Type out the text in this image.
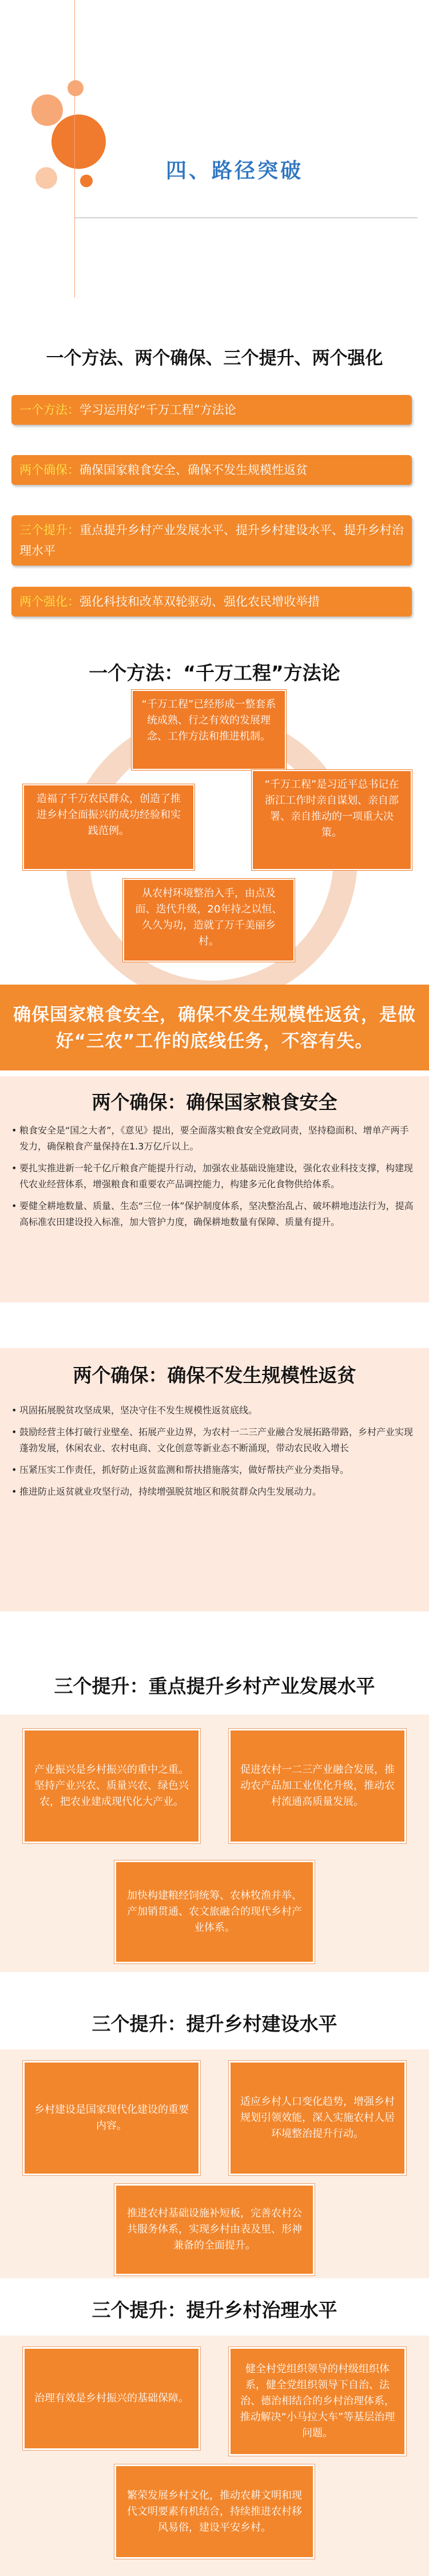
四、路径突破
一个方法、两个确保、三个提升、两个强化
一个方法：学习运用好“千万工程”方法论
两个确保：确保国家粮食安全、确保不发生规模性返贫
三个提升：重点提升乡村产业发展水平、提升乡村建设水平、提升乡村治理水平
两个强化：强化科技和改革双轮驱动、强化农民增收举措
一个方法：“千万工程”方法论
“千万工程”已经形成一整套系统成熟、行之有效的发展理念、工作方法和推进机制。
“千万工程”是习近平总书记在浙江工作时亲自谋划、亲自部署、亲自推动的一项重大决策。
从农村环境整治入手，由点及面、迭代升级，20年持之以恒、久久为功，造就了万千美丽乡村。
造福了千万农民群众，创造了推进乡村全面振兴的成功经验和实践范例。
确保国家粮食安全，确保不发生规模性返贫，是做好“三农”工作的底线任务，不容有失。
两个确保：确保国家粮食安全
• 粮食安全是“国之大者”，《意见》提出，要全面落实粮食安全党政同责，坚持稳面积、增单产两手发力，确保粮食产量保持在1.3万亿斤以上。
• 要扎实推进新一轮千亿斤粮食产能提升行动，加强农业基础设施建设，强化农业科技支撑，构建现代农业经营体系，增强粮食和重要农产品调控能力，构建多元化食物供给体系。
• 要健全耕地数量、质量、生态“三位一体”保护制度体系，坚决整治乱占、破坏耕地违法行为，提高高标准农田建设投入标准，加大管护力度，确保耕地数量有保障、质量有提升。
两个确保：确保不发生规模性返贫
• 巩固拓展脱贫攻坚成果，坚决守住不发生规模性返贫底线。
• 鼓励经营主体打破行业壁垒、拓展产业边界，为农村一二三产业融合发展拓路带路，乡村产业实现蓬勃发展，休闲农业、农村电商、文化创意等新业态不断涌现，带动农民收入增长
• 压紧压实工作责任，抓好防止返贫监测和帮扶措施落实，做好帮扶产业分类指导。
• 推进防止返贫就业攻坚行动，持续增强脱贫地区和脱贫群众内生发展动力。
三个提升：重点提升乡村产业发展水平
产业振兴是乡村振兴的重中之重。坚持产业兴农、质量兴农、绿色兴农，把农业建成现代化大产业。
促进农村一二三产业融合发展，推动农产品加工业优化升级，推动农村流通高质量发展。
加快构建粮经饲统筹、农林牧渔并举、产加销贯通、农文旅融合的现代乡村产业体系。
三个提升：提升乡村建设水平
乡村建设是国家现代化建设的重要内容。
适应乡村人口变化趋势，增强乡村规划引领效能，深入实施农村人居环境整治提升行动。
推进农村基础设施补短板，完善农村公共服务体系，实现乡村由表及里、形神兼备的全面提升。
三个提升：提升乡村治理水平
治理有效是乡村振兴的基础保障。
健全村党组织领导的村级组织体系，健全党组织领导下自治、法治、德治相结合的乡村治理体系，推动解决“小马拉大车”等基层治理问题。
繁荣发展乡村文化，推动农耕文明和现代文明要素有机结合，持续推进农村移风易俗，建设平安乡村。
